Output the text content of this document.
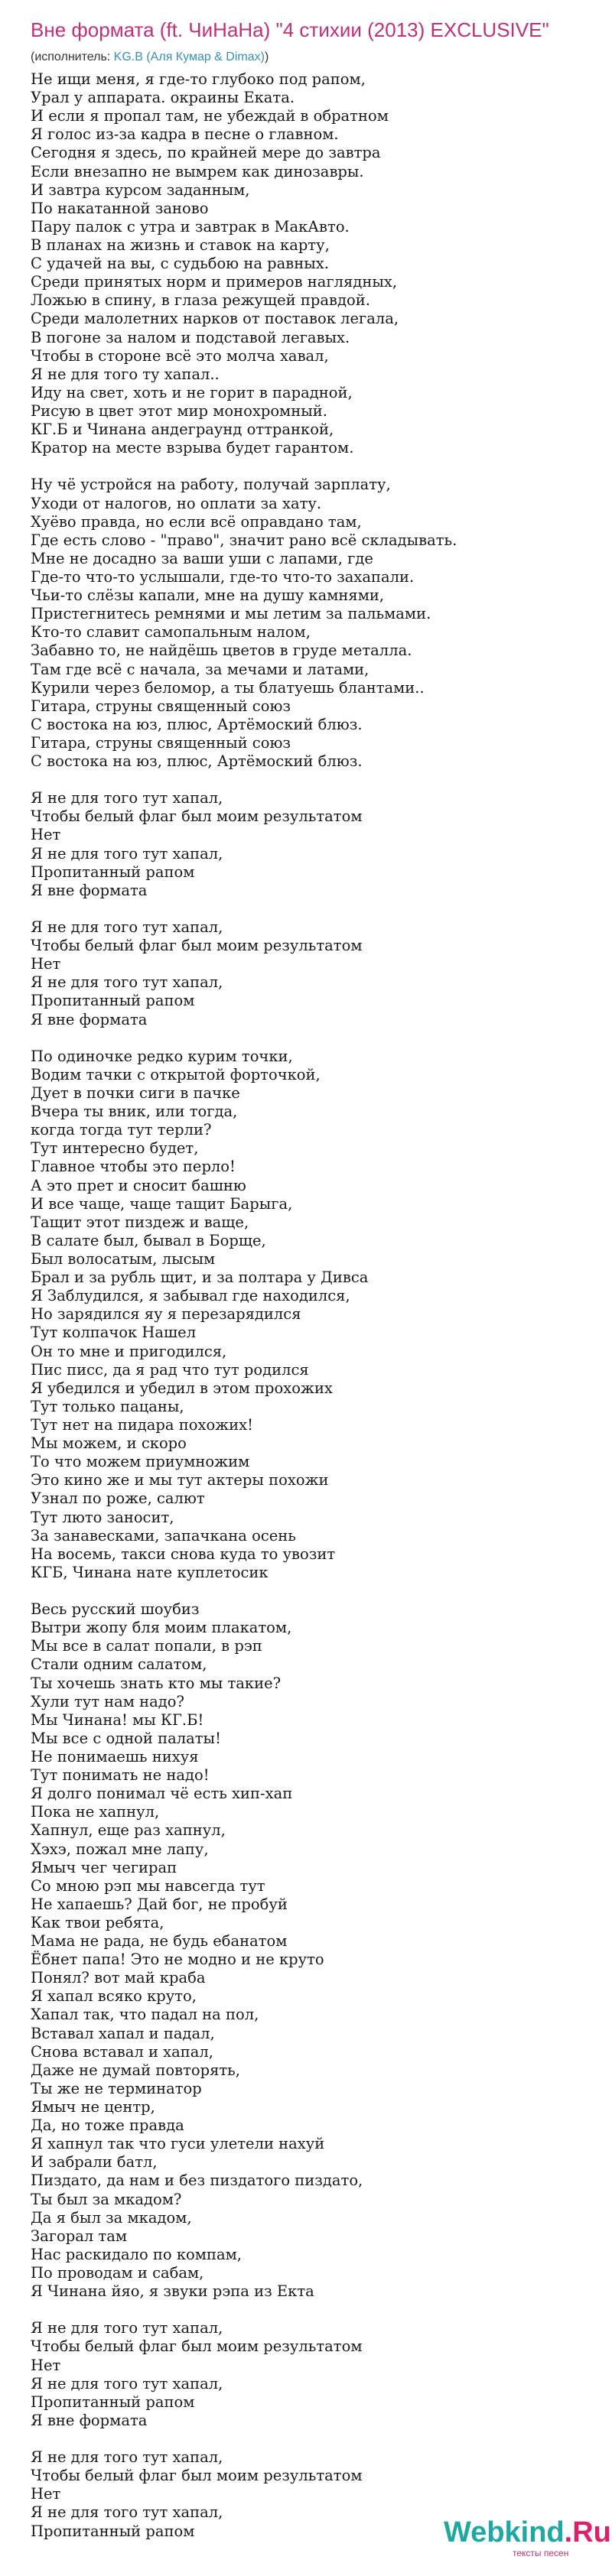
Вне формата (ft. ЧиНаНа) "4 стихии (2013) EXCLUSIVE"
(исполнитель: KG.B (Аля Кумар & Dimax))
Не ищи меня, я где-то глубоко под рапом,
Урал у аппарата. окраины Еката.
И если я пропал там, не убеждай в обратном
Я голос из-за кадра в песне о главном.
Сегодня я здесь, по крайней мере до завтра
Если внезапно не вымрем как динозавры.
И завтра курсом заданным,
По накатанной заново
Пару палок с утра и завтрак в МакАвто.
В планах на жизнь и ставок на карту,
С удачей на вы, с судьбою на равных.
Среди принятых норм и примеров наглядных,
Ложью в спину, в глаза режущей правдой.
Среди малолетних нарков от поставок легала,
В погоне за налом и подставой легавых.
Чтобы в стороне всё это молча хавал,
Я не для того ту хапал..
Иду на свет, хоть и не горит в парадной,
Рисую в цвет этот мир монохромный.
КГ.Б и Чинана андеграунд оттранкой,
Кратор на месте взрыва будет гарантом.
Ну чё устройся на работу, получай зарплату,
Уходи от налогов, но оплати за хату.
Хуёво правда, но если всё оправдано там,
Где есть слово - "право", значит рано всё складывать.
Мне не досадно за ваши уши с лапами, где
Где-то что-то услышали, где-то что-то захапали.
Чьи-то слёзы капали, мне на душу камнями,
Пристегнитесь ремнями и мы летим за пальмами.
Кто-то славит самопальным налом,
Забавно то, не найдёшь цветов в груде металла.
Там где всё с начала, за мечами и латами,
Курили через беломор, а ты блатуешь блантами..
Гитара, струны священный союз
С востока на юз, плюс, Артёмоский блюз.
Гитара, струны священный союз
С востока на юз, плюс, Артёмоский блюз.
Я не для того тут хапал,
Чтобы белый флаг был моим результатом
Нет
Я не для того тут хапал,
Пропитанный рапом
Я вне формата
Я не для того тут хапал,
Чтобы белый флаг был моим результатом
Нет
Я не для того тут хапал,
Пропитанный рапом
Я вне формата
По одиночке редко курим точки,
Водим тачки с открытой форточкой,
Дует в почки сиги в пачке
Вчера ты вник, или тогда,
когда тогда тут терли?
Тут интересно будет,
Главное чтобы это перло!
А это прет и сносит башню
И все чаще, чаще тащит Барыга,
Тащит этот пиздеж и ваще,
В салате был, бывал в Борще,
Был волосатым, лысым
Брал и за рубль щит, и за полтара у Дивса
Я Заблудился, я забывал где находился,
Но зарядился яу я перезарядился
Тут колпачок Нашел
Он то мне и пригодился,
Пис писс, да я рад что тут родился
Я убедился и убедил в этом прохожих
Тут только пацаны,
Тут нет на пидара похожих!
Мы можем, и скоро
То что можем приумножим
Это кино же и мы тут актеры похожи
Узнал по роже, салют
Тут люто заносит,
За занавесками, запачкана осень
На восемь, такси снова куда то увозит
КГБ, Чинана нате куплетосик
Весь русский шоубиз
Вытри жопу бля моим плакатом,
Мы все в салат попали, в рэп
Стали одним салатом,
Ты хочешь знать кто мы такие?
Хули тут нам надо?
Мы Чинана! мы КГ.Б!
Мы все с одной палаты!
Не понимаешь нихуя
Тут понимать не надо!
Я долго понимал чё есть хип-хап
Пока не хапнул,
Хапнул, еще раз хапнул,
Хэхэ, пожал мне лапу,
Ямыч чег чегирап
Со мною рэп мы навсегда тут
Не хапаешь? Дай бог, не пробуй
Как твои ребята,
Мама не рада, не будь ебанатом
Ёбнет папа! Это не модно и не круто
Понял? вот май краба
Я хапал всяко круто,
Хапал так, что падал на пол,
Вставал хапал и падал,
Снова вставал и хапал,
Даже не думай повторять,
Ты же не терминатор
Ямыч не центр,
Да, но тоже правда
Я хапнул так что гуси улетели нахуй
И забрали батл,
Пиздато, да нам и без пиздатого пиздато,
Ты был за мкадом?
Да я был за мкадом,
Загорал там
Нас раскидало по компам,
По проводам и сабам,
Я Чинана йяо, я звуки рэпа из Ектa
Я не для того тут хапал,
Чтобы белый флаг был моим результатом
Нет
Я не для того тут хапал,
Пропитанный рапом
Я вне формата
Я не для того тут хапал,
Чтобы белый флаг был моим результатом
Нет
Я не для того тут хапал,
Пропитанный рапом	Webkind.Ru
тексты песен
